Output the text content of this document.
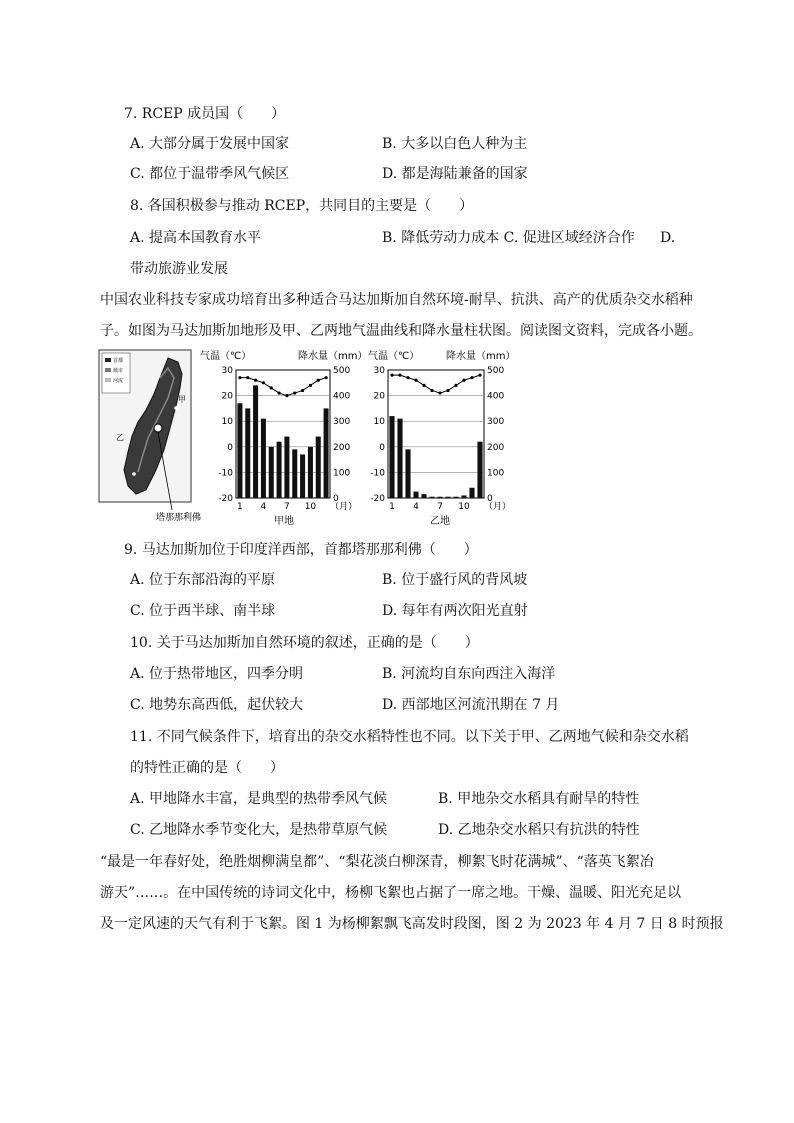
7. RCEP 成员国（　　）
A. 大部分属于发展中国家	B. 大多以白色人种为主
C. 都位于温带季风气候区	D. 都是海陆兼备的国家
8. 各国积极参与推动 RCEP，共同目的主要是（　　）
A. 提高本国教育水平	B. 降低劳动力成本 C. 促进区域经济合作 D.
带动旅游业发展
中国农业科技专家成功培育出多种适合马达加斯加自然环境-耐旱、抗洪、高产的优质杂交水稻种
子。如图为马达加斯加地形及甲、乙两地气温曲线和降水量柱状图。阅读图文资料，完成各小题。
首都
城市
河流
甲
乙
塔那那利佛
气温（℃）	降水量（mm）
30
20
10
0
-10
-20
500
400
300
200
100
0
1 4 7 10 （月）
甲地
气温（℃）	降水量（mm）
30
20
10
0
-10
-20
500
400
300
200
100
0
1 4 7 10 （月）
乙地
9. 马达加斯加位于印度洋西部，首都塔那那利佛（　　）
A. 位于东部沿海的平原	B. 位于盛行风的背风坡
C. 位于西半球、南半球	D. 每年有两次阳光直射
10. 关于马达加斯加自然环境的叙述，正确的是（　　）
A. 位于热带地区，四季分明	B. 河流均自东向西注入海洋
C. 地势东高西低，起伏较大	D. 西部地区河流汛期在 7 月
11. 不同气候条件下，培育出的杂交水稻特性也不同。以下关于甲、乙两地气候和杂交水稻
的特性正确的是（　　）
A. 甲地降水丰富，是典型的热带季风气候	B. 甲地杂交水稻具有耐旱的特性
C. 乙地降水季节变化大，是热带草原气候	D. 乙地杂交水稻只有抗洪的特性
“最是一年春好处，绝胜烟柳满皇都”、“梨花淡白柳深青，柳絮飞时花满城”、“落英飞絮冶
游天”……。在中国传统的诗词文化中，杨柳飞絮也占据了一席之地。干燥、温暖、阳光充足以
及一定风速的天气有利于飞絮。图 1 为杨柳絮飘飞高发时段图，图 2 为 2023 年 4 月 7 日 8 时预报
